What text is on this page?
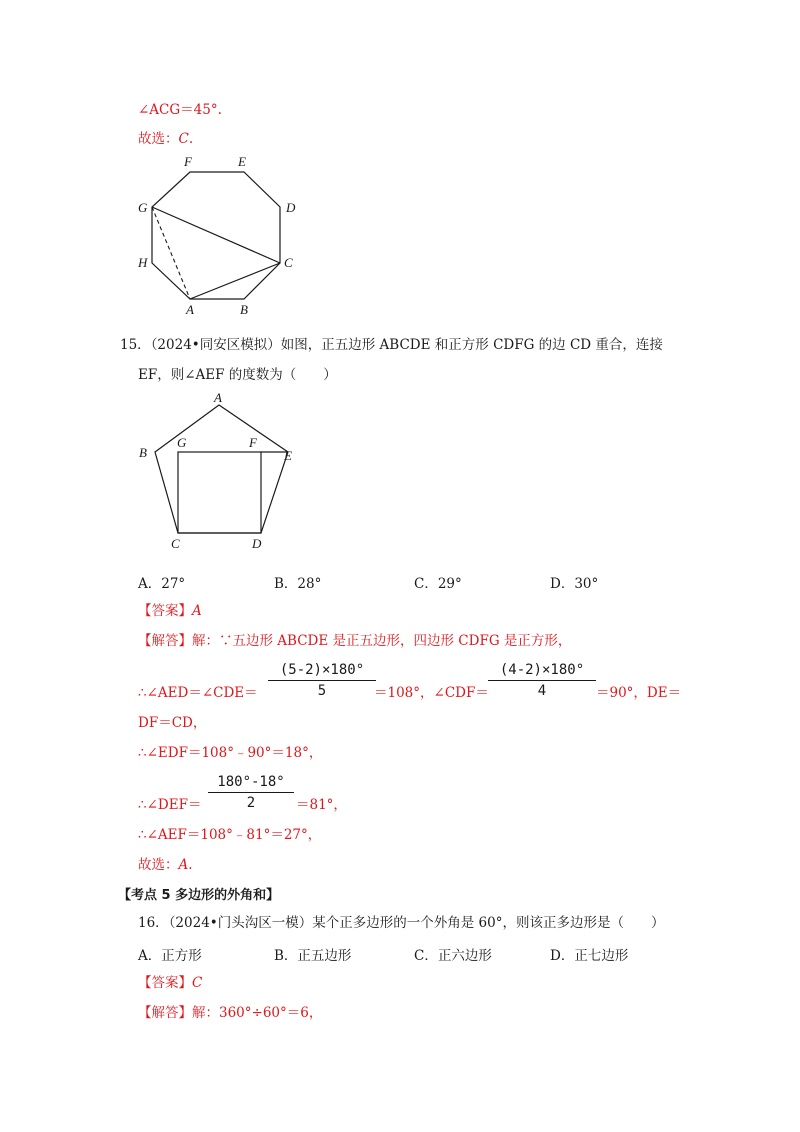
∠ACG＝45°.
故选：C.
F	E
D
C
B
A
H
G
15．（2024•同安区模拟）如图，正五边形 ABCDE 和正方形 CDFG 的边 CD 重合，连接
EF，则∠AEF 的度数为（　　）
A
B
C	D
E
F
G
A．27°	B．28°	C．29°	D．30°
【答案】A
【解答】解：∵五边形 ABCDE 是正五边形，四边形 CDFG 是正方形，
∴∠AED＝∠CDE＝
(5-2)×180°
5	＝108°，∠CDF＝
(4-2)×180°
4	＝90°，DE＝
DF＝CD，
∴∠EDF＝108°﹣90°＝18°，
∴∠DEF＝
180°-18°
2	＝81°，
∴∠AEF＝108°﹣81°＝27°，
故选：A.
【考点 5 多边形的外角和】
16．（2024•门头沟区一模）某个正多边形的一个外角是 60°，则该正多边形是（　　）
A．正方形	B．正五边形	C．正六边形	D．正七边形
【答案】C
【解答】解：360°÷60°＝6，
